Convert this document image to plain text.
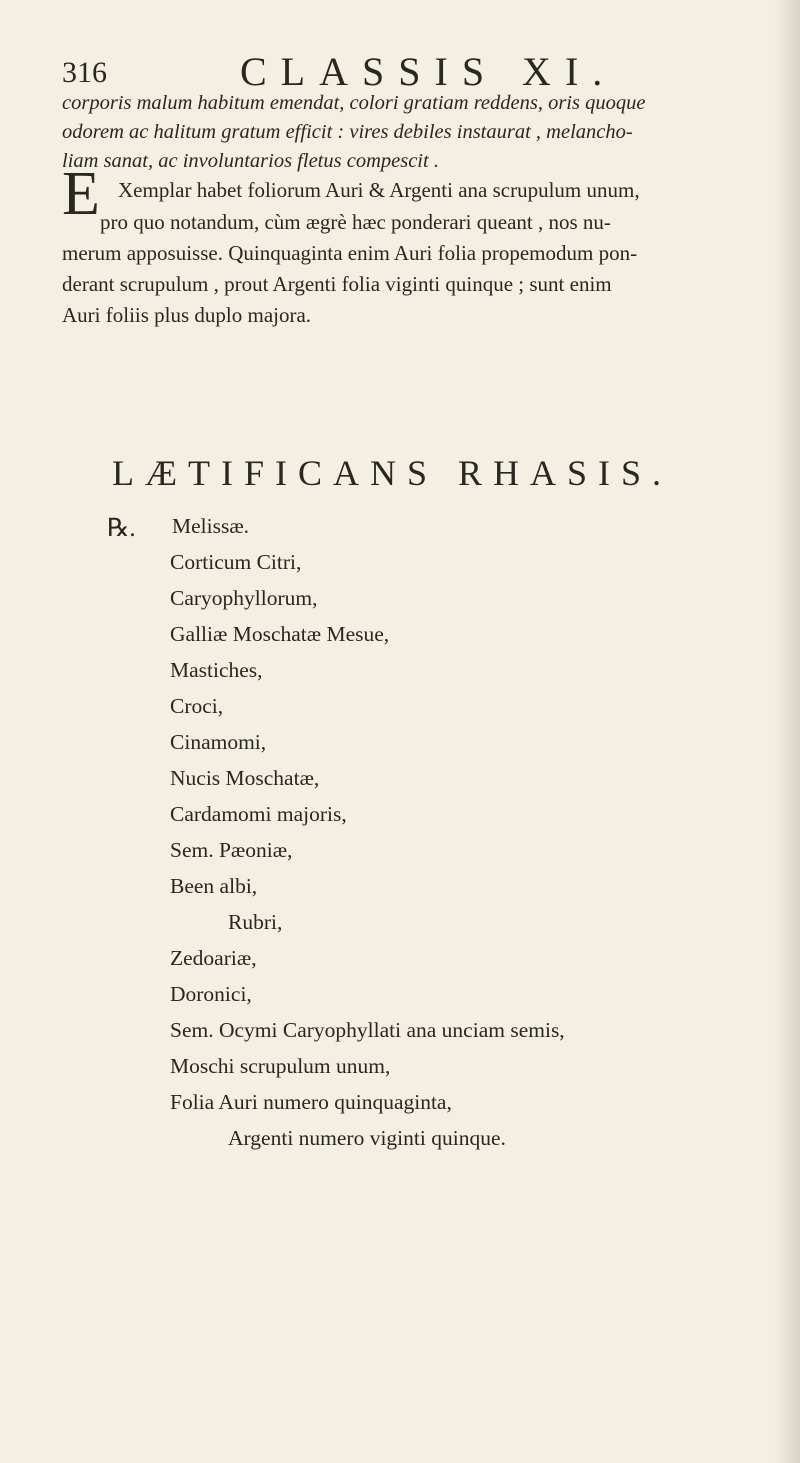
316	CLASSIS XI.
corporis malum habitum emendat, colori gratiam reddens, oris quoque
odorem ac halitum gratum efficit : vires debiles instaurat , melancho-
liam sanat, ac involuntarios fletus compescit .
E Xemplar habet foliorum Auri & Argenti ana scrupulum unum,
pro quo notandum, cùm ægrè hæc ponderari queant , nos nu-
merum apposuisse. Quinquaginta enim Auri folia propemodum pon-
derant scrupulum , prout Argenti folia viginti quinque ; sunt enim
Auri foliis plus duplo majora.
LÆTIFICANS RHASIS.
℞. Melissæ.
Corticum Citri,
Caryophyllorum,
Galliæ Moschatæ Mesue,
Mastiches,
Croci,
Cinamomi,
Nucis Moschatæ,
Cardamomi majoris,
Sem. Pæoniæ,
Been albi,
Rubri,
Zedoariæ,
Doronici,
Sem. Ocymi Caryophyllati ana unciam semis,
Moschi scrupulum unum,
Folia Auri numero quinquaginta,
Argenti numero viginti quinque.
